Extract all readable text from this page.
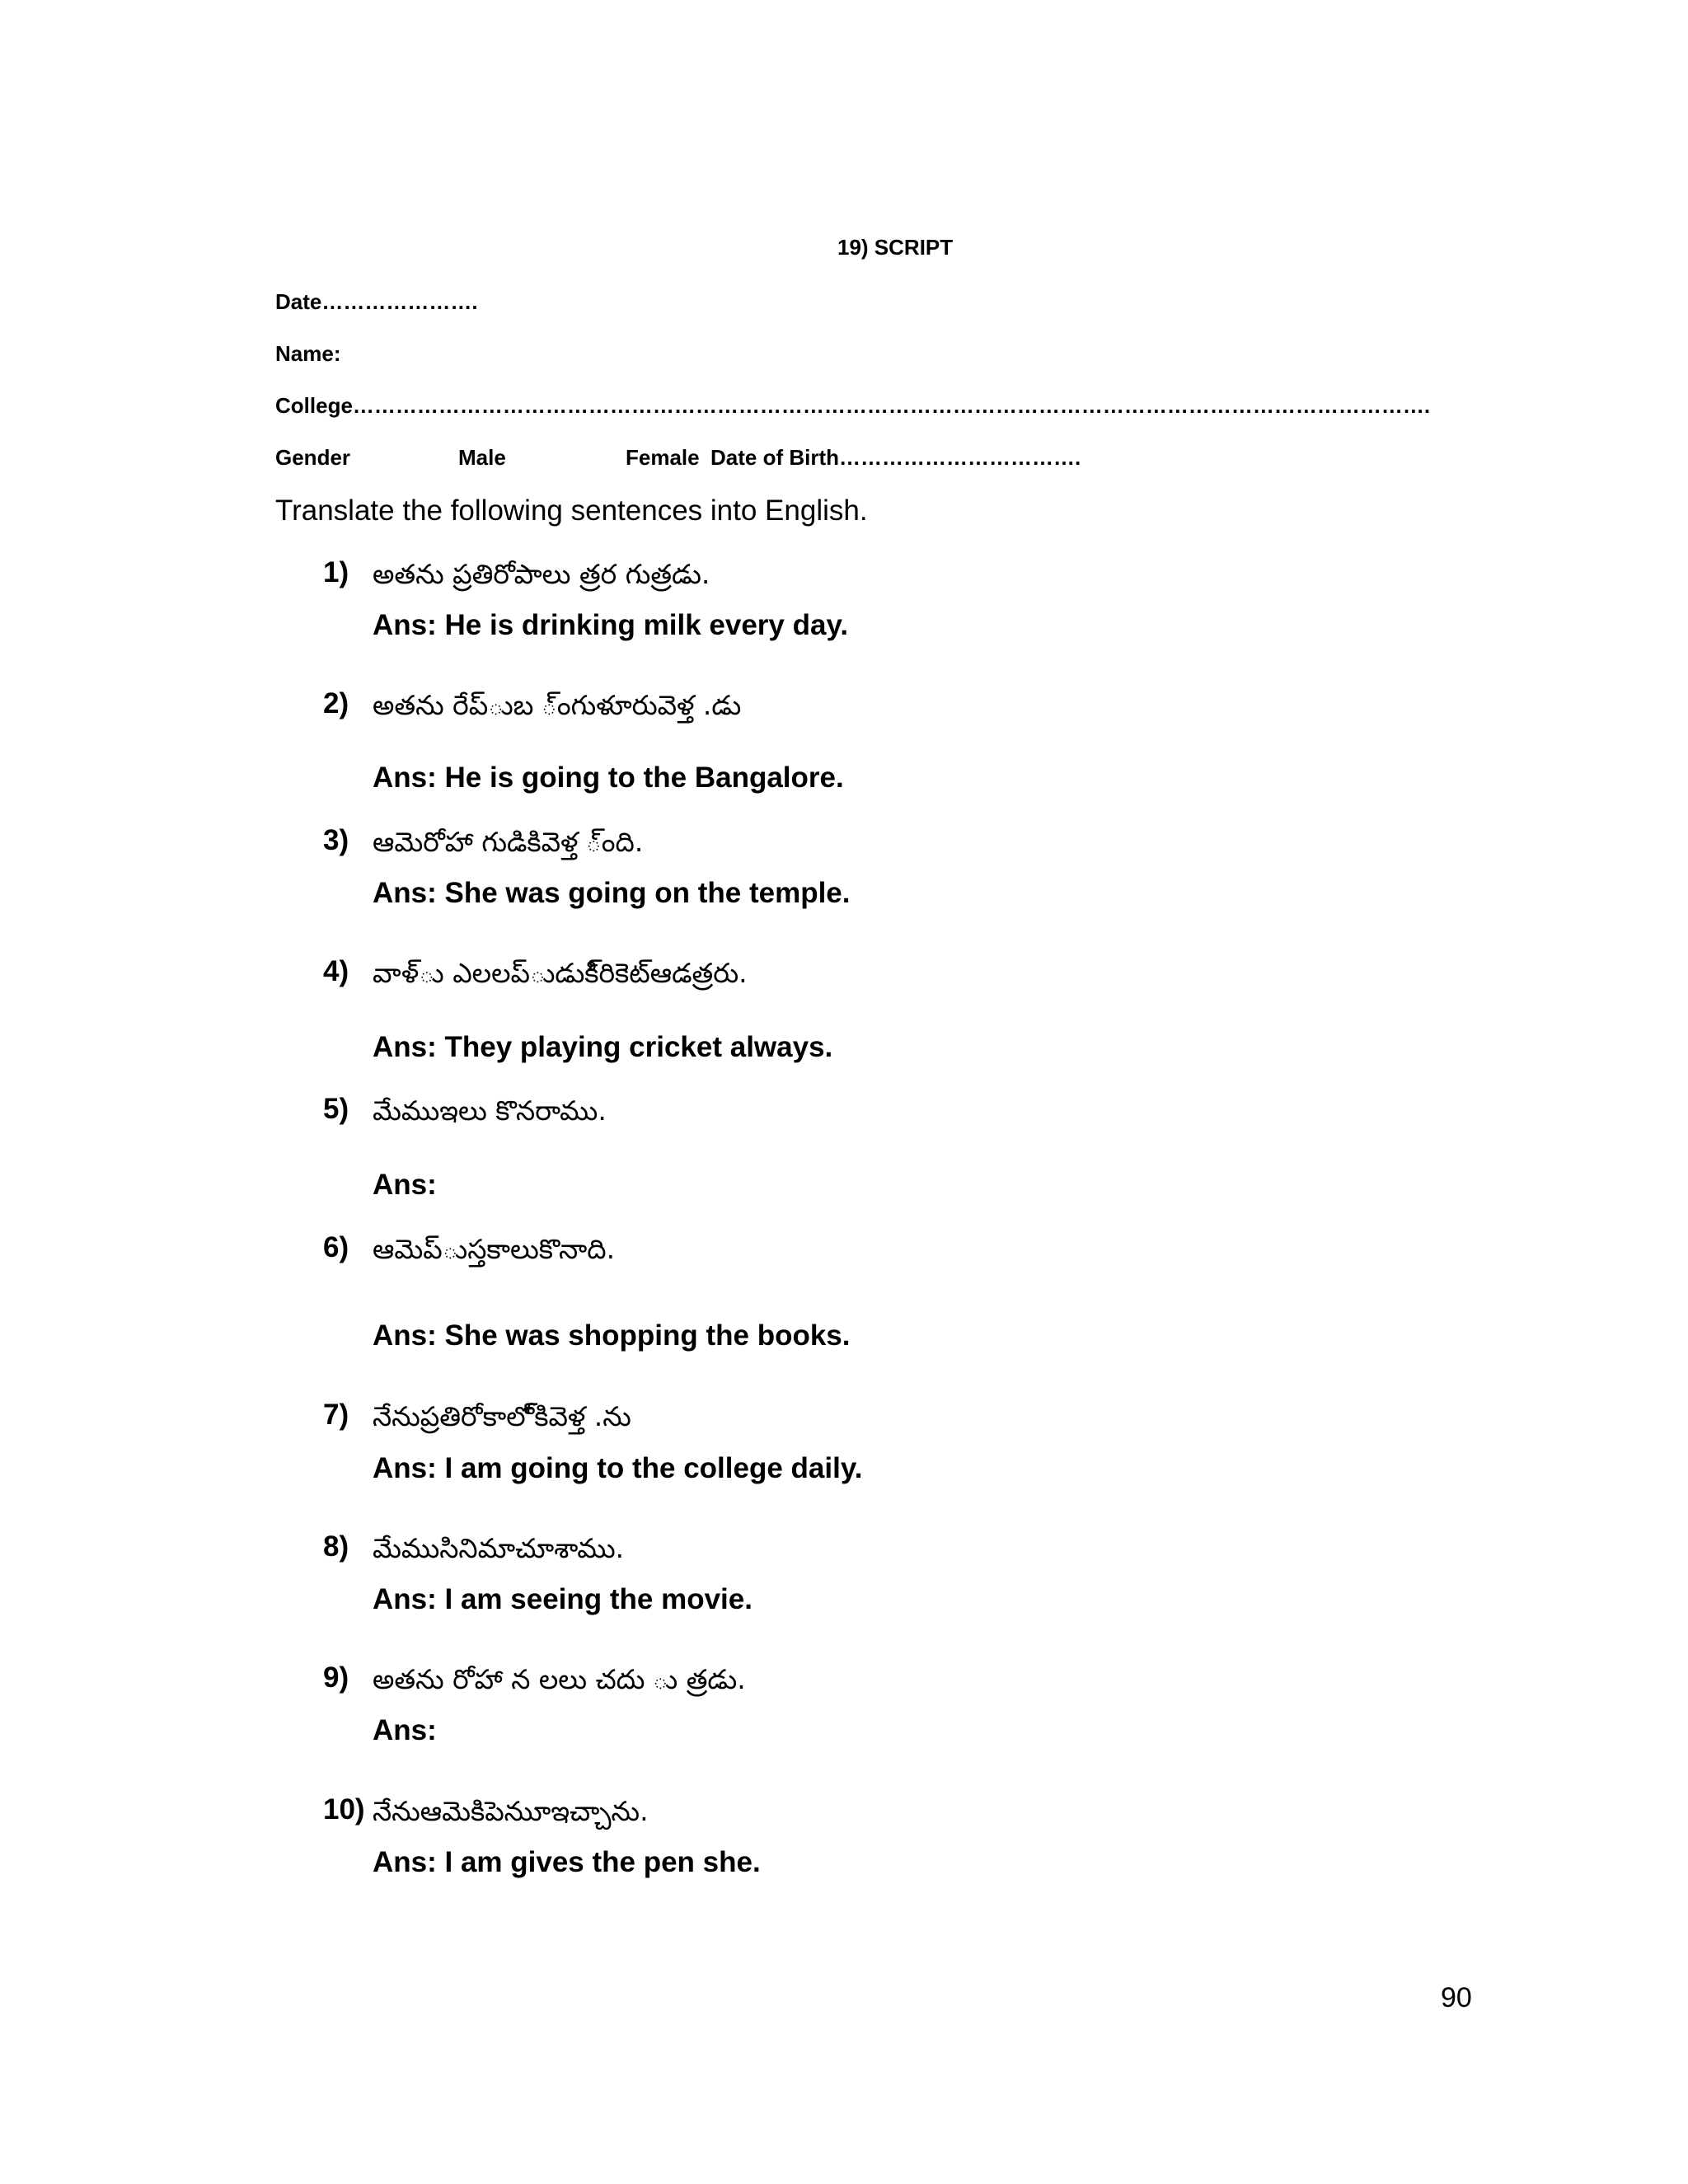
19) SCRIPT
Date………………….
Name:
College…………………………………………………………………………………………………………………………………….
Gender	Male	Female Date of Birth…………………………….
Translate the following sentences into English.
1) అతను ప్రతిరోపాలు త్రర గుత్రడు.
Ans: He is drinking milk every day.
2) అతను రేప్ుబ ్ంగుళూరువెళ్త .డు
Ans: He is going to the Bangalore.
3) ఆమెరోహా గుడికివెళ్త ్ంది.
Ans: She was going on the temple.
4) వాళ్ు ఎలలప్ుడుకి్రికెట్ఆడత్రరు.
Ans: They playing cricket always.
5) మేముఇలు కొనరాము.
Ans:
6) ఆమెప్ుస్తకాలుకొనాది.
Ans: She was shopping the books.
7) నేనుప్రతిరోకాలో్కివెళ్త .ను
Ans: I am going to the college daily.
8) మేముసినిమాచూశాము.
Ans: I am seeing the movie.
9) అతను రోహా న లలు చదు ు త్రడు.
Ans:
10) నేనుఆమెకిపెనుూఇచ్చాను.
Ans: I am gives the pen she.
90
